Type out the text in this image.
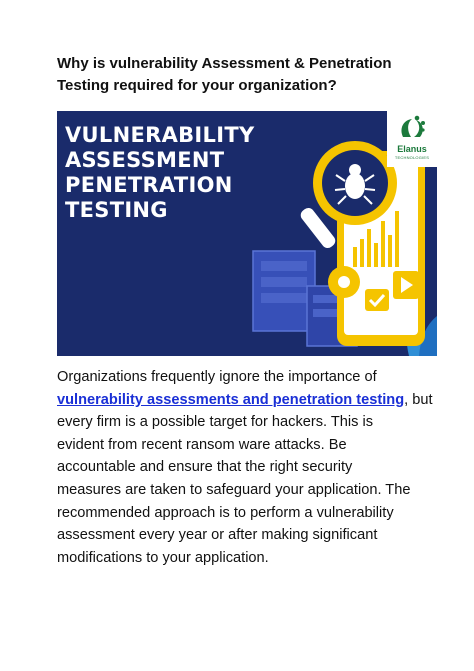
Why is vulnerability Assessment & Penetration
Testing required for your organization?
VULNERABILITY
ASSESSMENT
PENETRATION
TESTING
Elanus
TECHNOLOGIES
Organizations frequently ignore the importance of
vulnerability assessments and penetration testing, but
every firm is a possible target for hackers. This is
evident from recent ransom ware attacks. Be
accountable and ensure that the right security
measures are taken to safeguard your application. The
recommended approach is to perform a vulnerability
assessment every year or after making significant
modifications to your application.
